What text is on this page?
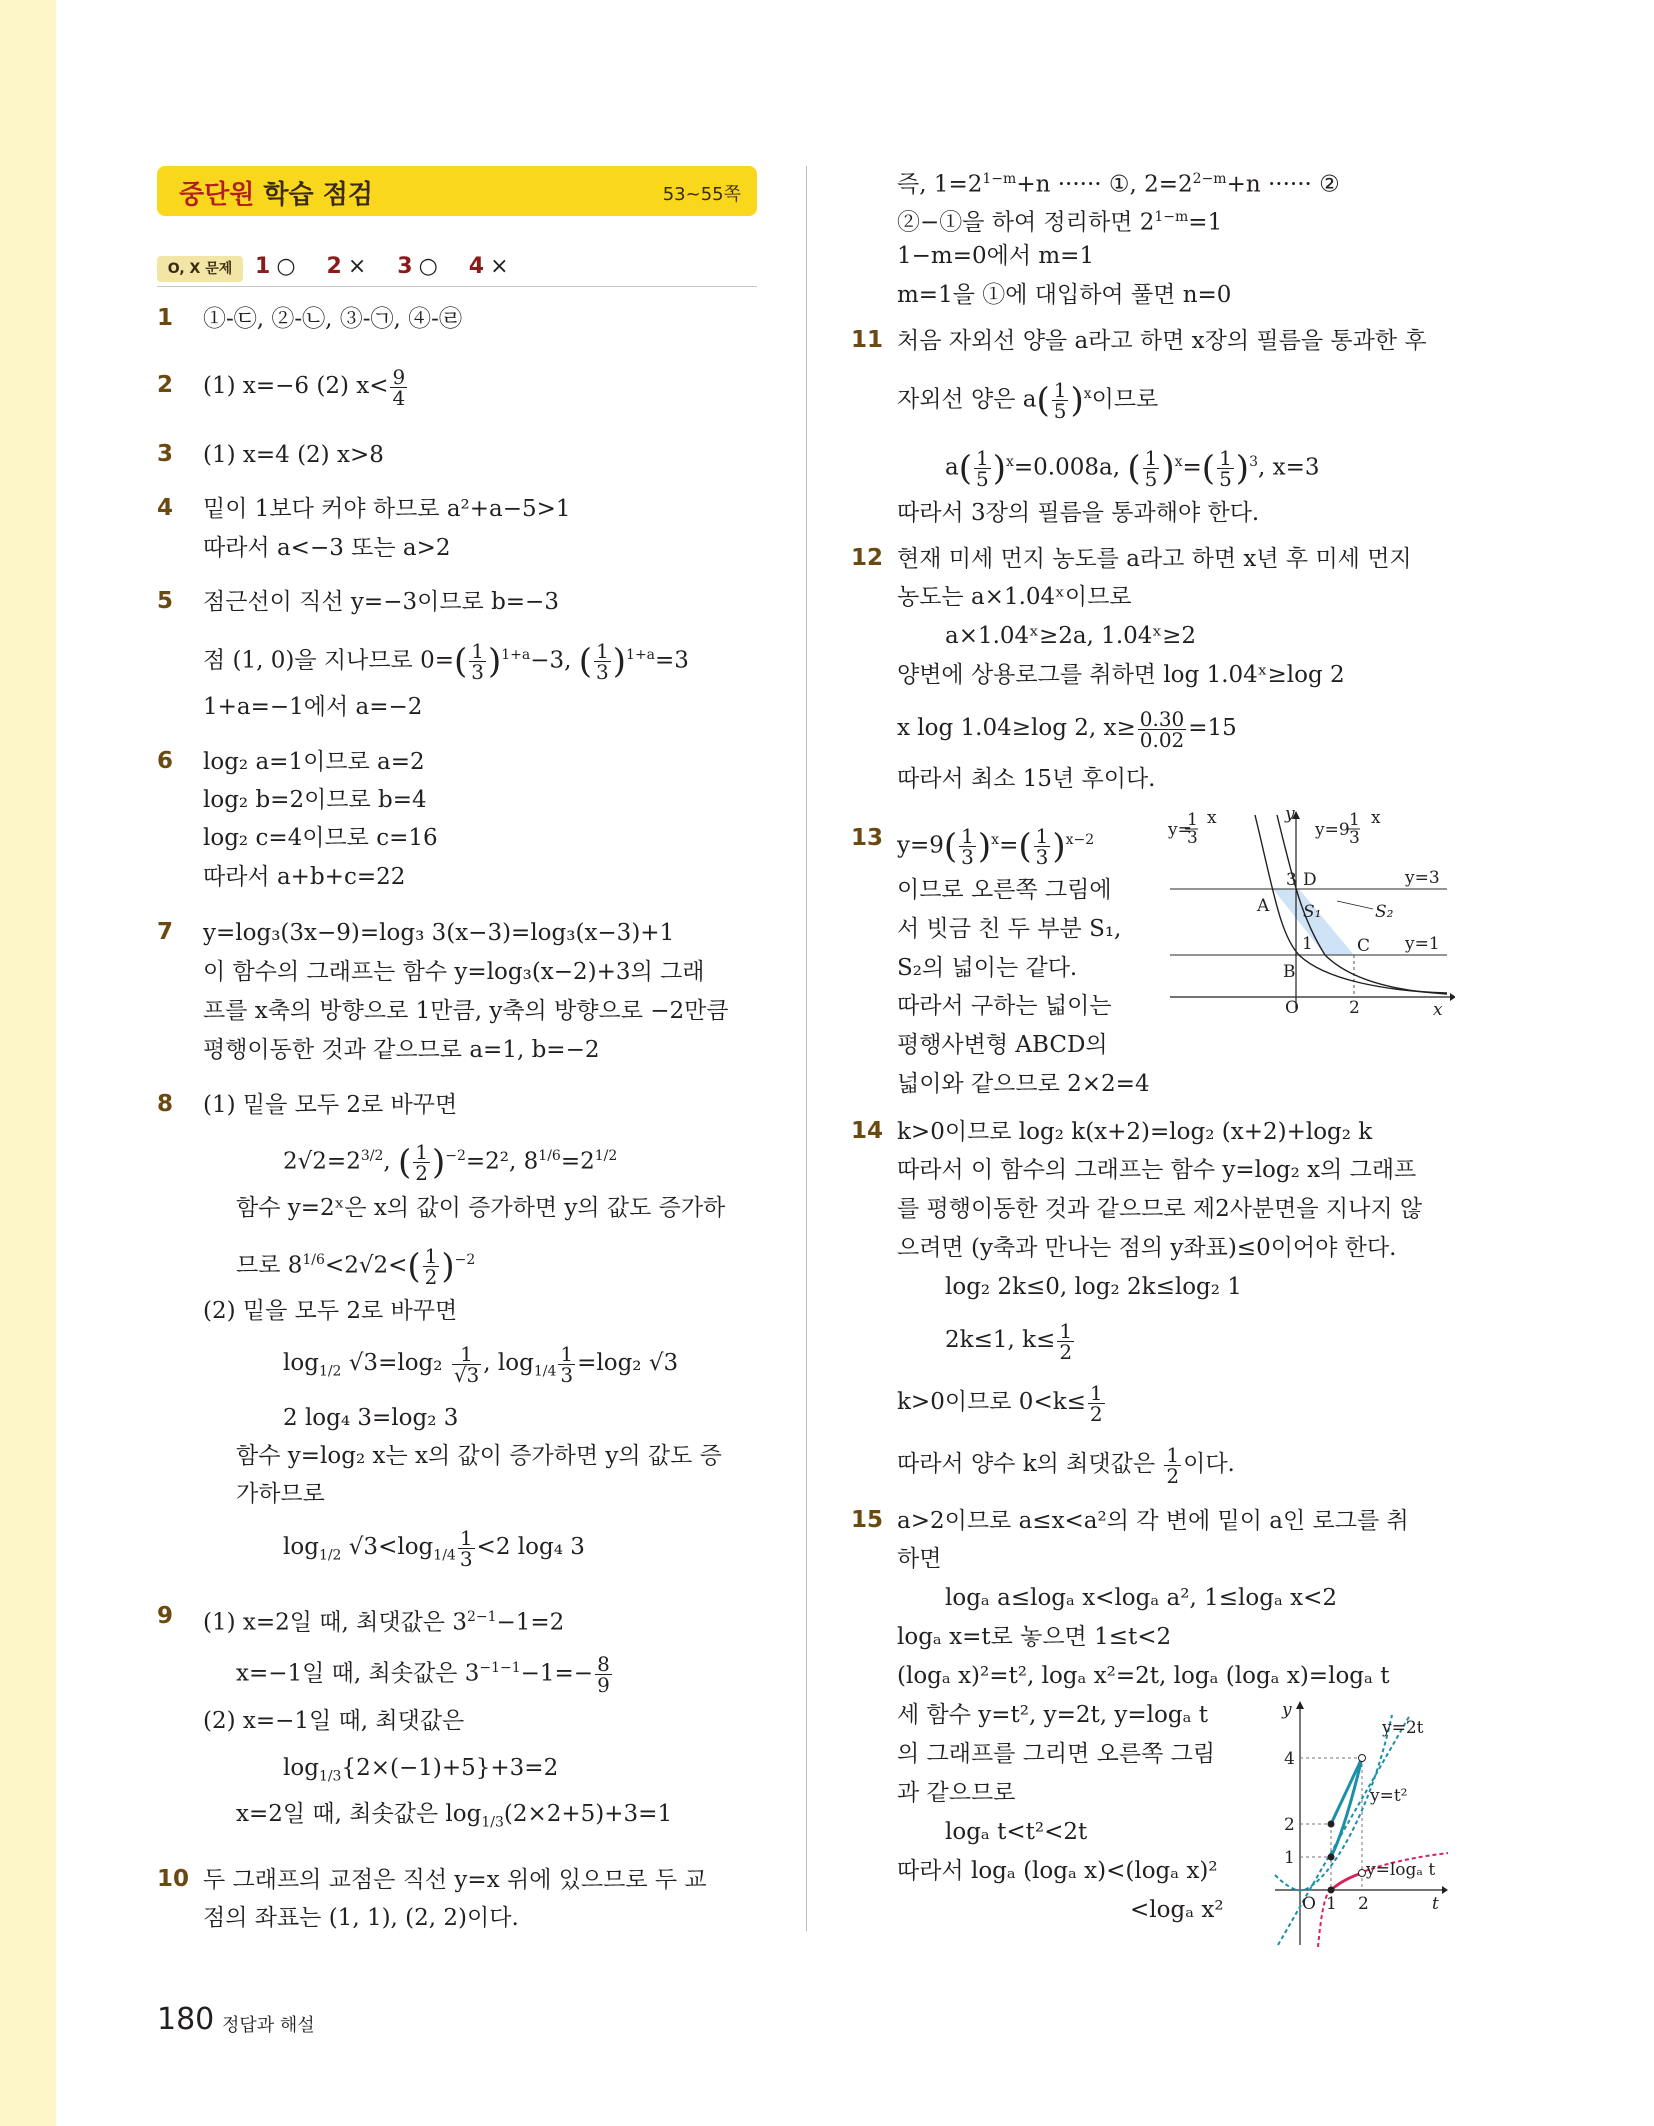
중단원 학습 점검	53~55쪽
O, X 문제	1 ○ 2 × 3 ○ 4 ×
1 ①-㉢, ②-㉡, ③-㉠, ④-㉣
2 (1) x=−6 (2) $x< \frac{9}{4}$
3 (1) x=4 (2) x>8
4 밑이 1보다 커야 하므로 a²+a−5>1
따라서 a<−3 또는 a>2
5 점근선이 직선 y=−3이므로 b=−3
점 (1, 0)을 지나므로 $0=( \frac{1}{3} )^{1+a}-3$, ( $\frac{1}{3} )^{1+a}=3$
1+a=−1에서 a=−2
6 log₂ a=1이므로 a=2
log₂ b=2이므로 b=4
log₂ c=4이므로 c=16
따라서 a+b+c=22
7 y=log₃(3x−9)=log₃ 3(x−3)=log₃(x−3)+1
이 함수의 그래프는 함수 y=log₃(x−2)+3의 그래
프를 x축의 방향으로 1만큼, y축의 방향으로 −2만큼
평행이동한 것과 같으므로 a=1, b=−2
8 (1) 밑을 모두 2로 바꾸면
$2√2=2^{3/2}$, ( $\frac{1}{2} )^{-2}=2^2$, $8^{1/6}=2^{1/2}$
함수 y=2ˣ은 x의 값이 증가하면 y의 값도 증가하
므로 $8^{1/6}<2√2<( \frac{1}{2} )^{-2}$
(2) 밑을 모두 2로 바꾸면
$\log_{1/2} √3=\log_2 \frac{1}{√3}$ , $\log_{1/4} \frac{1}{3} =\log_2$ √3
2 log₄ 3=log₂ 3
함수 y=log₂ x는 x의 값이 증가하면 y의 값도 증
가하므로
$\log_{1/2} √3<\log_{1/4} \frac{1}{3} <2$ log₄ 3
9 (1) x=2일 때, 최댓값은 $3^{2-1}-1=2$
x=−1일 때, 최솟값은 $3^{-1-1}-1=- \frac{8}{9}$
(2) x=−1일 때, 최댓값은
$\log_{1/3}\{2\times(-1)+5\}+3=2$
x=2일 때, 최솟값은 $\log_{1/3}(2\times 2+5)+3=1$
10 두 그래프의 교점은 직선 y=x 위에 있으므로 두 교
점의 좌표는 (1, 1), (2, 2)이다.
즉, $1=2^{1-m}+n$ ······ ①, $2=2^{2-m}+n$ ······ ②
②−①을 하여 정리하면 $2^{1-m}=1$
1−m=0에서 m=1
m=1을 ①에 대입하여 풀면 n=0
11 처음 자외선 양을 a라고 하면 x장의 필름을 통과한 후
자외선 양은 $a( \frac{1}{5} )^x$이므로
$a( \frac{1}{5} )^x=0.008a$, ( $\frac{1}{5} )^x=( \frac{1}{5} )^3$, x=3
따라서 3장의 필름을 통과해야 한다.
12 현재 미세 먼지 농도를 a라고 하면 x년 후 미세 먼지
농도는 a×1.04ˣ이므로
a×1.04ˣ≥2a, 1.04ˣ≥2
양변에 상용로그를 취하면 log 1.04ˣ≥log 2
x log 1.04≥log 2, $x\ge \frac{0.30}{0.02} =15$
따라서 최소 15년 후이다.
13 $y=9( \frac{1}{3} )^x=( \frac{1}{3} )^{x-2}$
이므로 오른쪽 그림에
서 빗금 친 두 부분 S₁,
S₂의 넓이는 같다.
따라서 구하는 넓이는
평행사변형 ABCD의
넓이와 같으므로 2×2=4
y=
1
3
x
y=9 1
3
x
y
x
y=3
y=1
A
B
C
D
O
3
1
2
S₁	S₂
14 k>0이므로 log₂ k(x+2)=log₂ (x+2)+log₂ k
따라서 이 함수의 그래프는 함수 y=log₂ x의 그래프
를 평행이동한 것과 같으므로 제2사분면을 지나지 않
으려면 (y축과 만나는 점의 y좌표)≤0이어야 한다.
log₂ 2k≤0, log₂ 2k≤log₂ 1
2k≤1, $k\le \frac{1}{2}$
k>0이므로 $0<k\le \frac{1}{2}$
따라서 양수 k의 최댓값은 $\frac{1}{2}$ 이다.
15 a>2이므로 a≤x<a²의 각 변에 밑이 a인 로그를 취
하면
logₐ a≤logₐ x<logₐ a², 1≤logₐ x<2
logₐ x=t로 놓으면 1≤t<2
(logₐ x)²=t², logₐ x²=2t, logₐ (logₐ x)=logₐ t
세 함수 y=t², y=2t, y=logₐ t
의 그래프를 그리면 오른쪽 그림
과 같으므로
logₐ t<t²<2t
따라서 logₐ (logₐ x)<(logₐ x)²
<logₐ x²
y
t
y=2t
y=t²
y=logₐ t
4
2
1
O 1 2
180 정답과 해설
